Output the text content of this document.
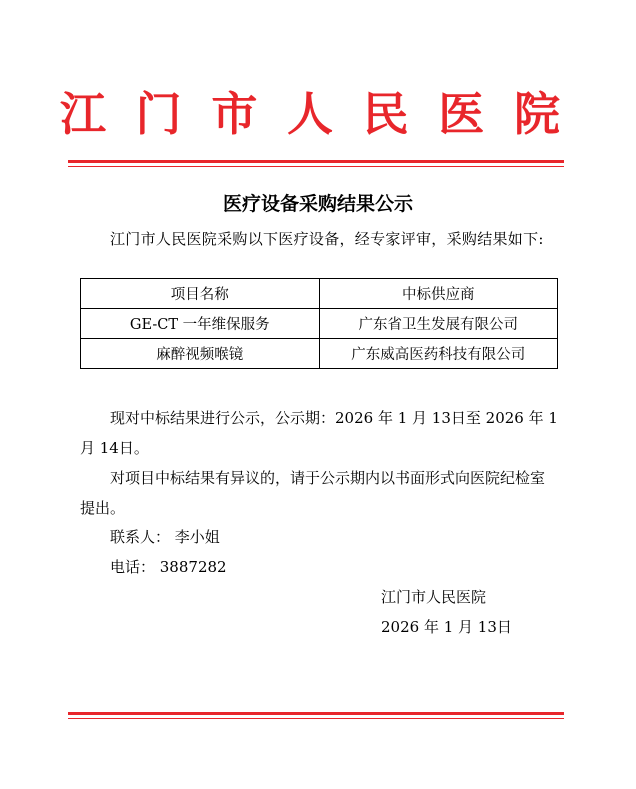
江 门 市 人 民 医 院
医疗设备采购结果公示

江门市人民医院采购以下医疗设备，经专家评审，采购结果如下:

项目名称	中标供应商
GE-CT 一年维保服务	广东省卫生发展有限公司
麻醉视频喉镜	广东威高医药科技有限公司

现对中标结果进行公示，公示期：2026 年 1 月 13日至 2026 年 1 月 14日。

对项目中标结果有异议的，请于公示期内以书面形式向医院纪检室提出。

联系人： 李小姐

电话： 3887282

江门市人民医院
2026 年 1 月 13日
